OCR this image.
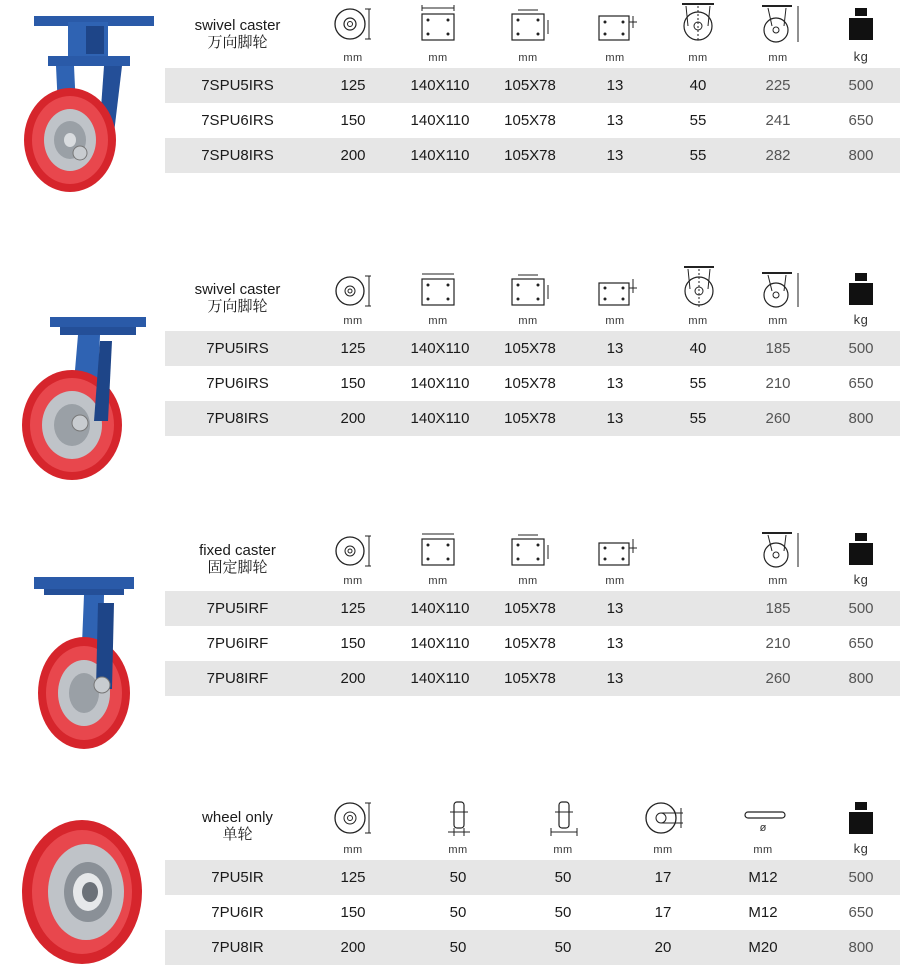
swivel caster
万向脚轮
mm	mm	mm	mm	mm	mm	kg
7SPU5IRS	125	140X110	105X78	13	40	225	500
7SPU6IRS	150	140X110	105X78	13	55	241	650
7SPU8IRS	200	140X110	105X78	13	55	282	800
swivel caster
万向脚轮
mm	mm	mm	mm	mm	mm	kg
7PU5IRS	125	140X110	105X78	13	40	185	500
7PU6IRS	150	140X110	105X78	13	55	210	650
7PU8IRS	200	140X110	105X78	13	55	260	800
fixed caster
固定脚轮
mm	mm	mm	mm	mm	kg
7PU5IRF	125	140X110	105X78	13	185	500
7PU6IRF	150	140X110	105X78	13	210	650
7PU8IRF	200	140X110	105X78	13	260	800
wheel only
单轮
mm	mm	mm	mm
ø
mm	kg
7PU5IR	125	50	50	17	M12	500
7PU6IR	150	50	50	17	M12	650
7PU8IR	200	50	50	20	M20	800
